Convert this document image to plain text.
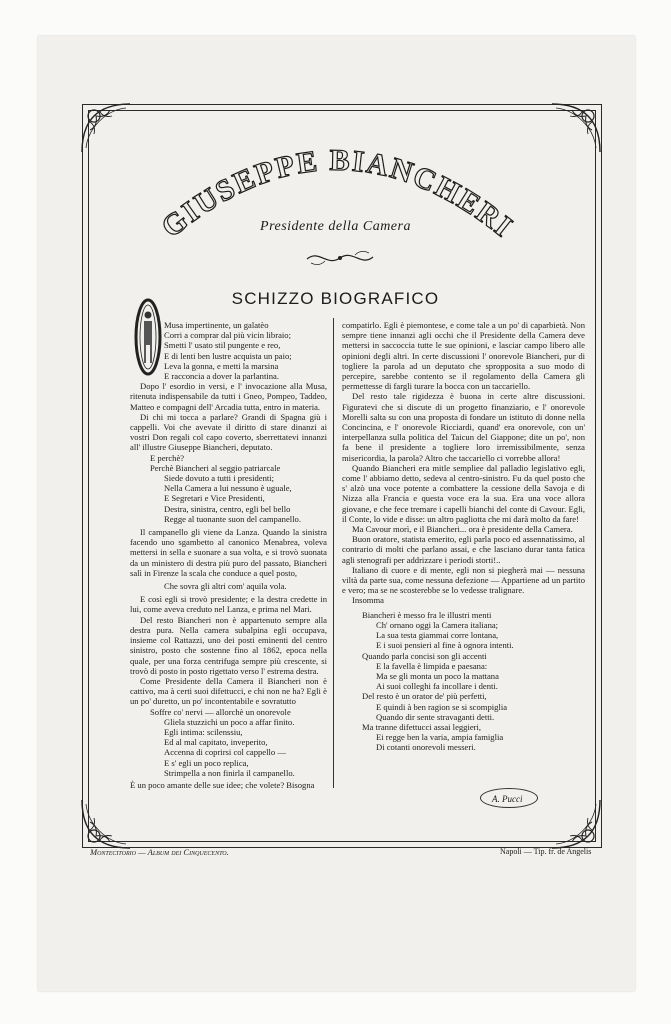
GIUSEPPE BIANCHERI
Presidente della Camera
SCHIZZO BIOGRAFICO

Musa impertinente, un galatèo

Corri a comprar dal più vicin libraio;

Smetti l' usato stil pungente e reo,

E di lenti ben lustre acquista un paio;

Leva la gonna, e metti la marsina

E racconcia a dover la parlantina.

Dopo l' esordio in versi, e l' invocazione alla Musa, ritenuta indispensabile da tutti i Gneo, Pompeo, Taddeo, Matteo e compagni dell' Arcadia tutta, entro in materia.

Di chi mi tocca a parlare? Grandi di Spagna giù i cappelli. Voi che avevate il diritto di stare dinanzi ai vostri Don regali col capo coverto, sberrettatevi innanzi all' illustre Giuseppe Biancheri, deputato.

E perchè?

Perchè Biancheri al seggio patriarcale

Siede dovuto a tutti i presidenti;

Nella Camera a lui nessuno è uguale,

E Segretari e Vice Presidenti,

Destra, sinistra, centro, egli bel bello

Regge al tuonante suon del campanello.

Il campanello gli viene da Lanza. Quando la sinistra facendo uno sgambetto al canonico Menabrea, voleva mettersi in sella e suonare a sua volta, e si trovò suonata da un ministero di destra più puro del passato, Biancheri salì in Firenze la scala che conduce a quel posto,

Che sovra gli altri com' aquila vola.

E così egli si trovò presidente; e la destra credette in lui, come aveva creduto nel Lanza, e prima nel Mari.

Del resto Biancheri non è appartenuto sempre alla destra pura. Nella camera subalpina egli occupava, insieme col Rattazzi, uno dei posti eminenti del centro sinistro, posto che sostenne fino al 1862, epoca nella quale, per una forza centrifuga sempre più crescente, si trovò di posto in posto rigettato verso l' estrema destra.

Come Presidente della Camera il Biancheri non è cattivo, ma à certi suoi difettucci, e chi non ne ha? Egli è un po' duretto, un po' incontentabile e sovratutto

Soffre co' nervi — allorchè un onorevole

Gliela stuzzichi un poco a affar finito.

Egli intima: scilenssiu,

Ed al mal capitato, inveperito,

Accenna di coprirsi col cappello —

E s' egli un poco replica,

Strimpella a non finirla il campanello.

È un poco amante delle sue idee; che volete? Bisogna

compatirlo. Egli è piemontese, e come tale a un po' di caparbietà. Non sempre tiene innanzi agli occhi che il Presidente della Camera deve mettersi in saccoccia tutte le sue opinioni, e lasciar campo libero alle opinioni degli altri. In certe discussioni l' onorevole Biancheri, pur di togliere la parola ad un deputato che spropposita a suo modo di percepire, sarebbe contento se il regolamento della Camera gli permettesse di fargli turare la bocca con un taccariello.

Del resto tale rigidezza è buona in certe altre discussioni. Figuratevi che si discute di un progetto finanziario, e l' onorevole Morelli salta su con una proposta di fondare un istituto di donne nella Concincina, e l' onorevole Ricciardi, quand' era onorevole, con un' interpellanza sulla politica del Taicun del Giappone; dite un po', non fa bene il presidente a togliere loro irremissibilmente, senza misericordia, la parola? Altro che taccariello ci vorrebbe allora!

Quando Biancheri era mitle sempliee dal palladio legislativo egli, come l' abbiamo detto, sedeva al centro-sinistro. Fu da quel posto che s' alzò una voce potente a combattere la cessione della Savoja e di Nizza alla Francia e questa voce era la sua. Era una voce allora giovane, e che fece tremare i capelli bianchi del conte di Cavour. Egli, il Conte, lo vide e disse: un altro pagliotta che mi darà molto da fare!

Ma Cavour morì, e il Biancheri... ora è presidente della Camera.

Buon oratore, statista emerito, egli parla poco ed assennatissimo, al contrario di molti che parlano assai, e che lasciano durar tanta fatica agli stenografi per addrizzare i periodi storti!..

Italiano di cuore e di mente, egli non si piegherà mai — nessuna viltà da parte sua, come nessuna defezione — Appartiene ad un partito e vero; ma se ne scosterebbe se lo vedesse tralignare.

Insomma

Biancheri è messo fra le illustri menti

Ch' ornano oggi la Camera italiana;

La sua testa giammai corre lontana,

E i suoi pensieri al fine à ognora intenti.

Quando parla concisi son gli accenti

E la favella è limpida e paesana:

Ma se gli monta un poco la mattana

Ai suoi colleghi fa incollare i denti.

Del resto è un orator de' più perfetti,

E quindi à ben ragion se si scompiglia

Quando dir sente stravaganti detti.

Ma tranne difettucci assai leggieri,

Ei regge ben la varia, ampia famiglia

Di cotanti onorevoli messeri.

A. Pucci
Montecitorio — Album dei Cinquecento.	Napoli — Tip. fr. de Angelis
